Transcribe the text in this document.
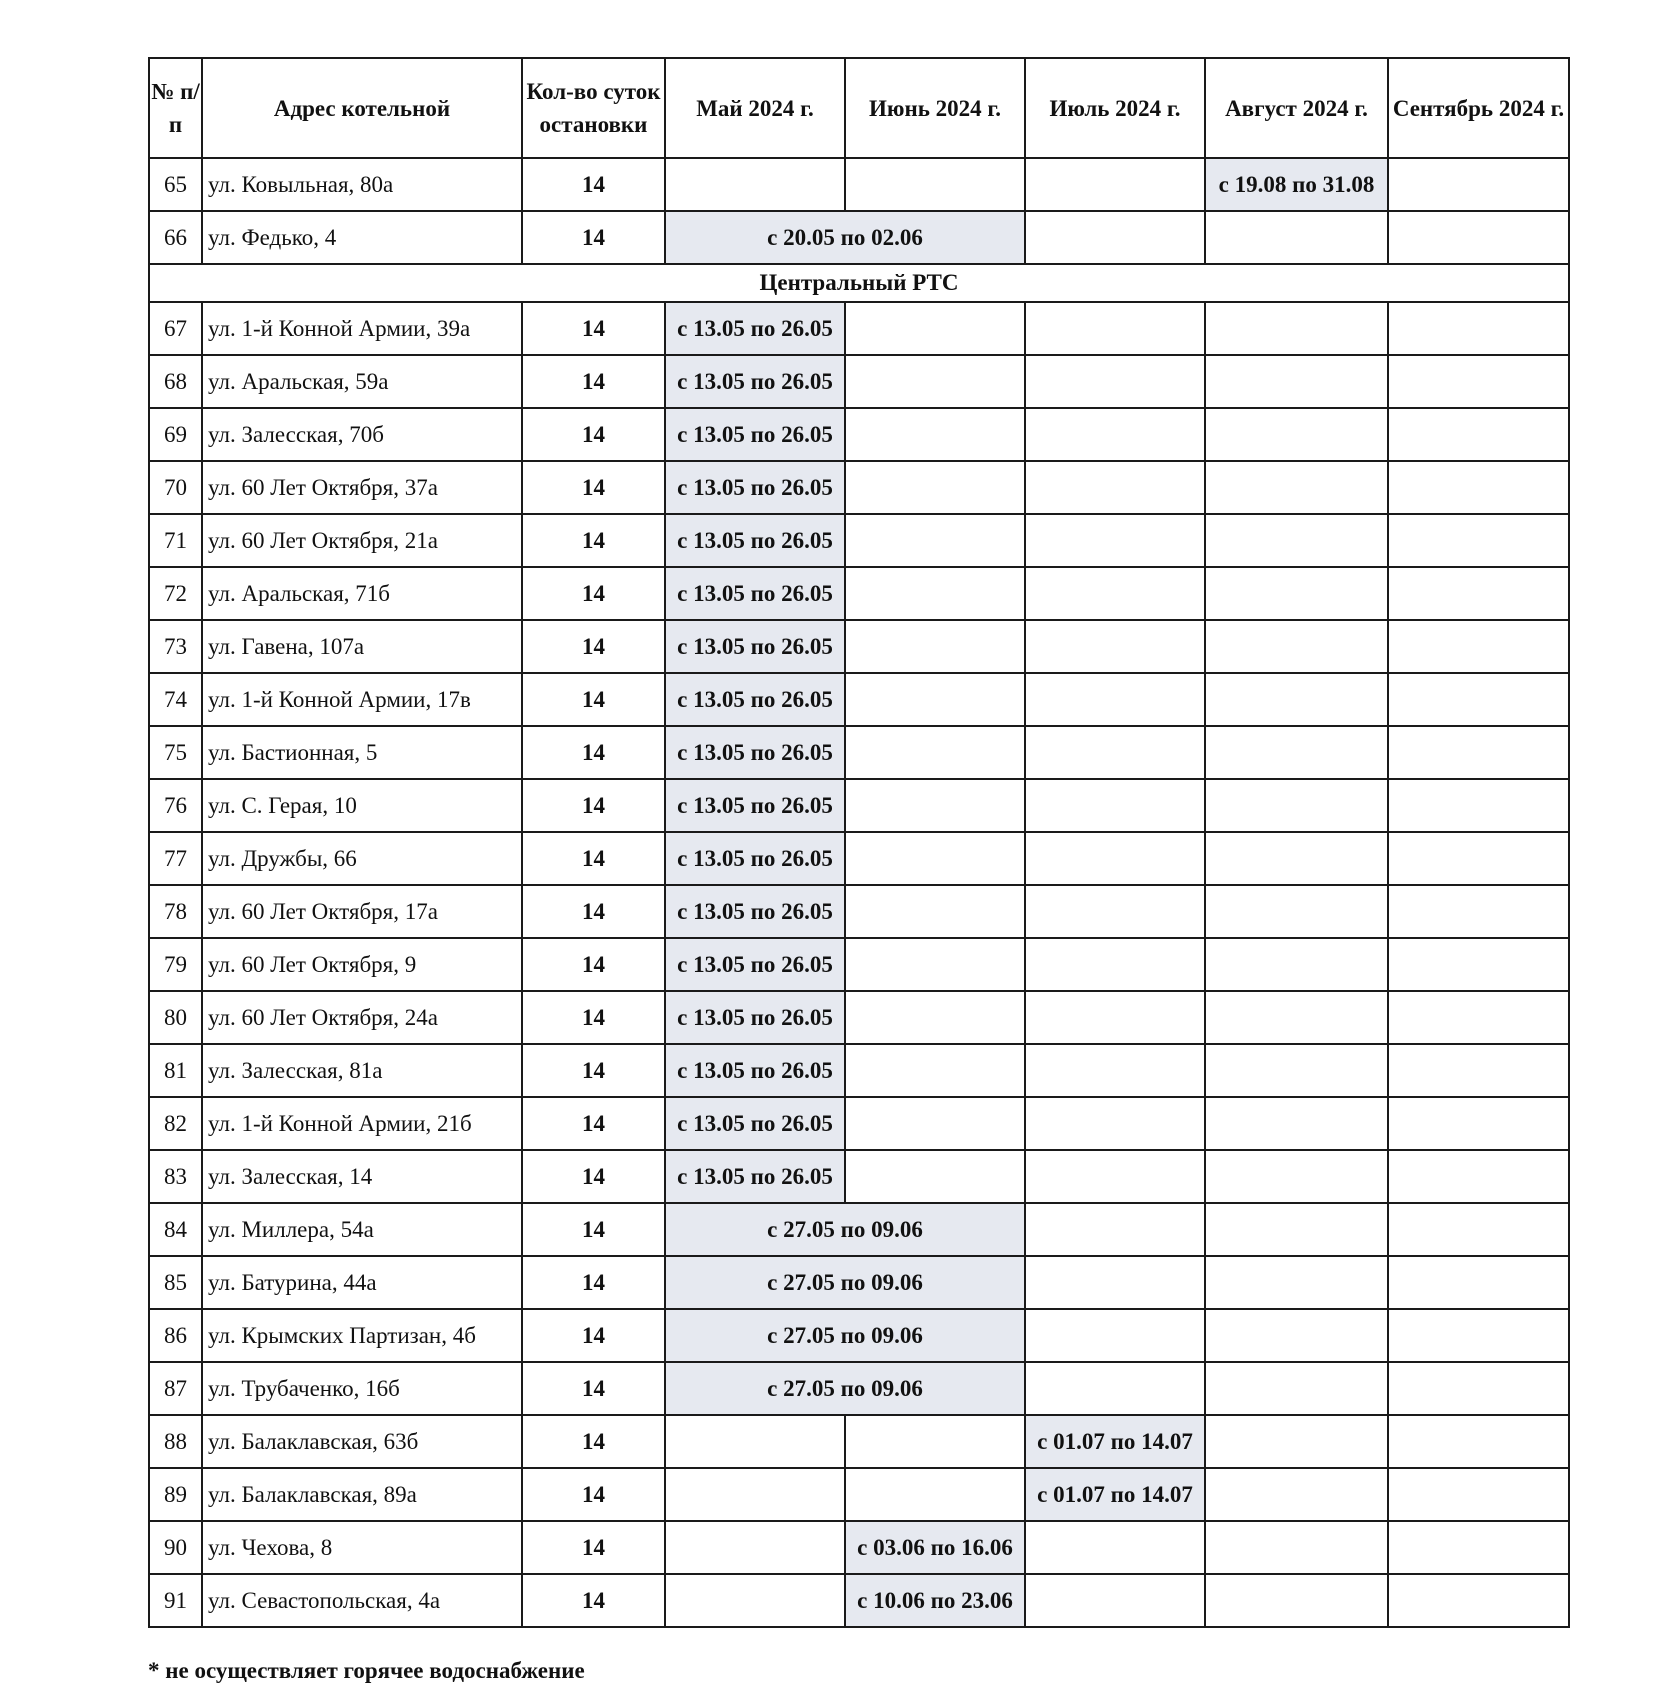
№ п/п	Адрес котельной	Кол-во суток остановки	Май 2024 г.	Июнь 2024 г.	Июль 2024 г.	Август 2024 г.	Сентябрь 2024 г.
65	ул. Ковыльная, 80а	14				с 19.08 по 31.08	
66	ул. Федько, 4	14	с 20.05 по 02.06				
Центральный РТС							
67	ул. 1-й Конной Армии, 39а	14	с 13.05 по 26.05				
68	ул. Аральская, 59а	14	с 13.05 по 26.05				
69	ул. Залесская, 70б	14	с 13.05 по 26.05				
70	ул. 60 Лет Октября, 37а	14	с 13.05 по 26.05				
71	ул. 60 Лет Октября, 21а	14	с 13.05 по 26.05				
72	ул. Аральская, 71б	14	с 13.05 по 26.05				
73	ул. Гавена, 107а	14	с 13.05 по 26.05				
74	ул. 1-й Конной Армии, 17в	14	с 13.05 по 26.05				
75	ул. Бастионная, 5	14	с 13.05 по 26.05				
76	ул. С. Герая, 10	14	с 13.05 по 26.05				
77	ул. Дружбы, 66	14	с 13.05 по 26.05				
78	ул. 60 Лет Октября, 17а	14	с 13.05 по 26.05				
79	ул. 60 Лет Октября, 9	14	с 13.05 по 26.05				
80	ул. 60 Лет Октября, 24а	14	с 13.05 по 26.05				
81	ул. Залесская, 81а	14	с 13.05 по 26.05				
82	ул. 1-й Конной Армии, 21б	14	с 13.05 по 26.05				
83	ул. Залесская, 14	14	с 13.05 по 26.05				
84	ул. Миллера, 54а	14	с 27.05 по 09.06				
85	ул. Батурина, 44а	14	с 27.05 по 09.06				
86	ул. Крымских Партизан, 4б	14	с 27.05 по 09.06				
87	ул. Трубаченко, 16б	14	с 27.05 по 09.06				
88	ул. Балаклавская, 63б	14			с 01.07 по 14.07		
89	ул. Балаклавская, 89а	14			с 01.07 по 14.07		
90	ул. Чехова, 8	14		с 03.06 по 16.06			
91	ул. Севастопольская, 4а	14		с 10.06 по 23.06			
* не осуществляет горячее водоснабжение
